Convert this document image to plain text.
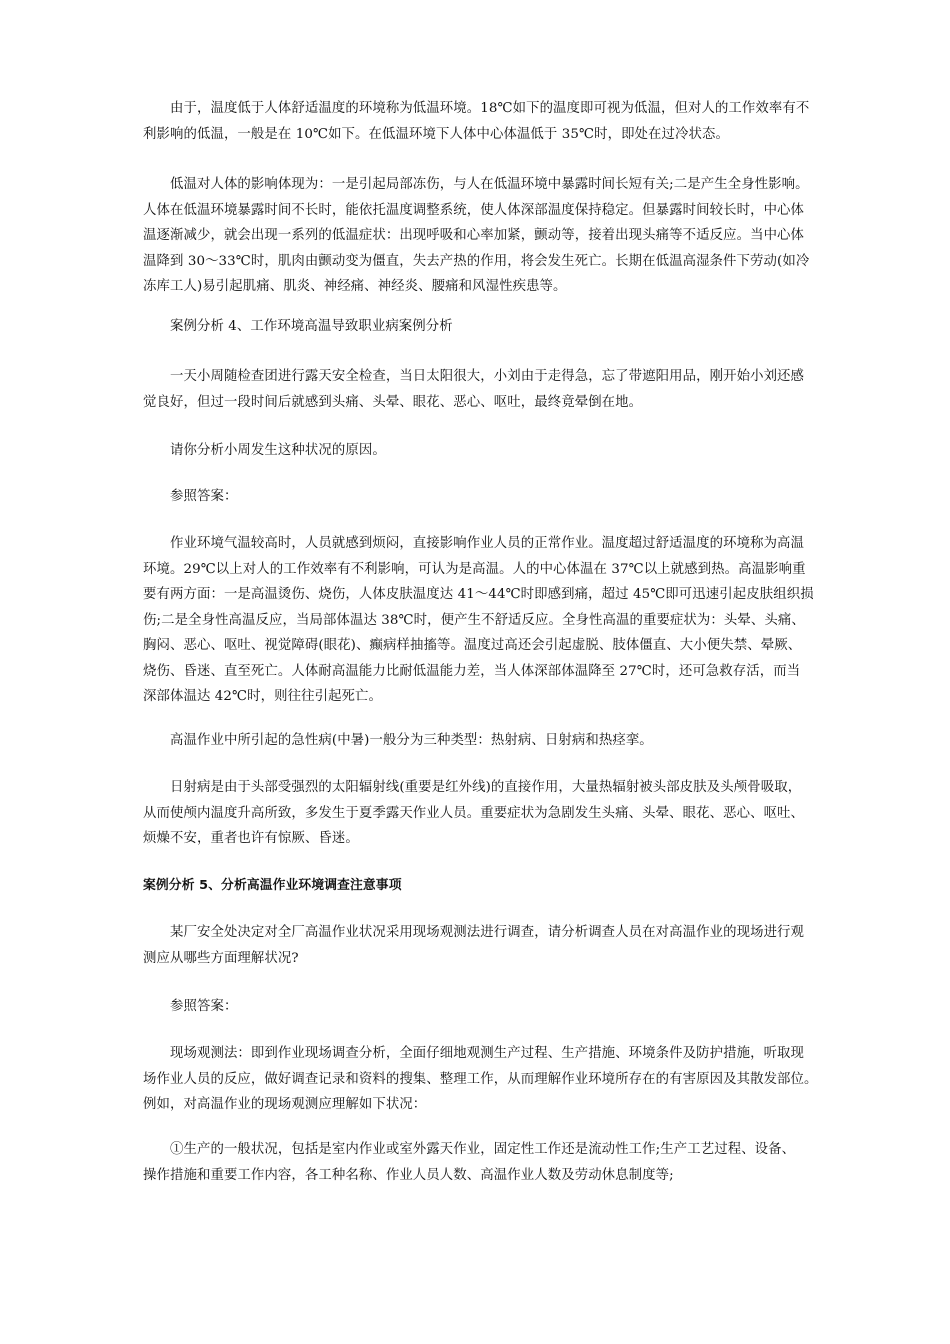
　　由于，温度低于人体舒适温度的环境称为低温环境。18℃如下的温度即可视为低温，但对人的工作效率有不
利影响的低温，一般是在 10℃如下。在低温环境下人体中心体温低于 35℃时，即处在过冷状态。
　　低温对人体的影响体现为：一是引起局部冻伤，与人在低温环境中暴露时间长短有关;二是产生全身性影响。
人体在低温环境暴露时间不长时，能依托温度调整系统，使人体深部温度保持稳定。但暴露时间较长时，中心体
温逐渐减少，就会出现一系列的低温症状：出现呼吸和心率加紧，颤动等，接着出现头痛等不适反应。当中心体
温降到 30～33℃时，肌肉由颤动变为僵直，失去产热的作用，将会发生死亡。长期在低温高湿条件下劳动(如冷
冻库工人)易引起肌痛、肌炎、神经痛、神经炎、腰痛和风湿性疾患等。
　　案例分析 4、工作环境高温导致职业病案例分析
　　一天小周随检查团进行露天安全检查，当日太阳很大，小刘由于走得急，忘了带遮阳用品，刚开始小刘还感
觉良好，但过一段时间后就感到头痛、头晕、眼花、恶心、呕吐，最终竟晕倒在地。
　　请你分析小周发生这种状况的原因。
　　参照答案：
　　作业环境气温较高时，人员就感到烦闷，直接影响作业人员的正常作业。温度超过舒适温度的环境称为高温
环境。29℃以上对人的工作效率有不利影响，可认为是高温。人的中心体温在 37℃以上就感到热。高温影响重
要有两方面：一是高温烫伤、烧伤，人体皮肤温度达 41～44℃时即感到痛，超过 45℃即可迅速引起皮肤组织损
伤;二是全身性高温反应，当局部体温达 38℃时，便产生不舒适反应。全身性高温的重要症状为：头晕、头痛、
胸闷、恶心、呕吐、视觉障碍(眼花)、癫病样抽搐等。温度过高还会引起虚脱、肢体僵直、大小便失禁、晕厥、
烧伤、昏迷、直至死亡。人体耐高温能力比耐低温能力差，当人体深部体温降至 27℃时，还可急救存活，而当
深部体温达 42℃时，则往往引起死亡。
　　高温作业中所引起的急性病(中暑)一般分为三种类型：热射病、日射病和热痉挛。
　　日射病是由于头部受强烈的太阳辐射线(重要是红外线)的直接作用，大量热辐射被头部皮肤及头颅骨吸取，
从而使颅内温度升高所致，多发生于夏季露天作业人员。重要症状为急剧发生头痛、头晕、眼花、恶心、呕吐、
烦燥不安，重者也许有惊厥、昏迷。
案例分析 5、分析高温作业环境调查注意事项
　　某厂安全处决定对全厂高温作业状况采用现场观测法进行调查，请分析调查人员在对高温作业的现场进行观
测应从哪些方面理解状况?
　　参照答案：
　　现场观测法：即到作业现场调查分析，全面仔细地观测生产过程、生产措施、环境条件及防护措施，听取现
场作业人员的反应，做好调查记录和资料的搜集、整理工作，从而理解作业环境所存在的有害原因及其散发部位。
例如，对高温作业的现场观测应理解如下状况：
　　①生产的一般状况，包括是室内作业或室外露天作业，固定性工作还是流动性工作;生产工艺过程、设备、
操作措施和重要工作内容，各工种名称、作业人员人数、高温作业人数及劳动休息制度等;
